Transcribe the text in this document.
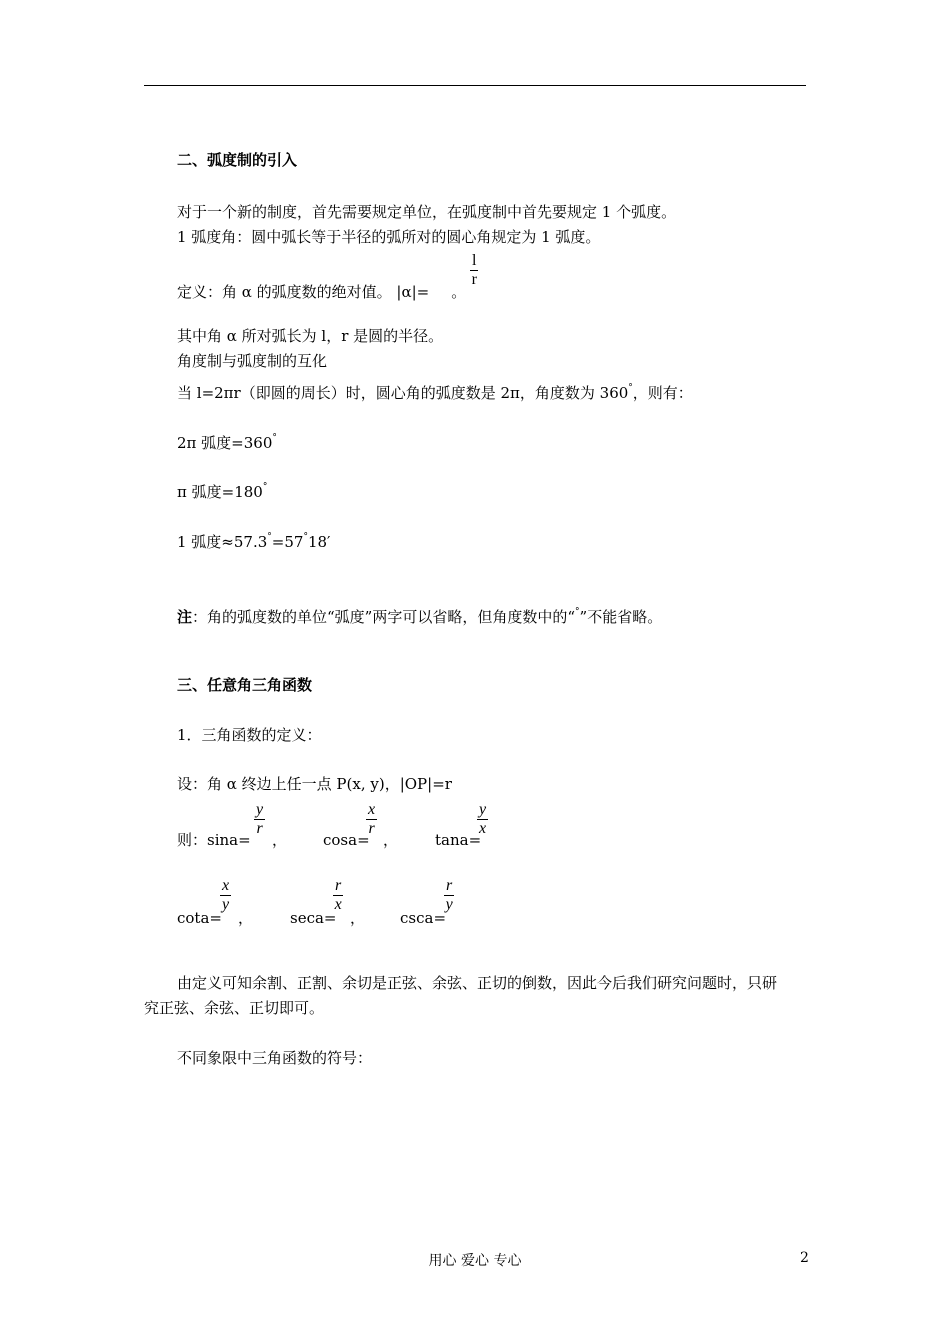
二、弧度制的引入
对于一个新的制度，首先需要规定单位，在弧度制中首先要规定 1 个弧度。
1 弧度角：圆中弧长等于半径的弧所对的圆心角规定为 1 弧度。
定义：角 α 的弧度数的绝对值。 |α|= 。
$\frac{l}{r}$
其中角 α 所对弧长为 l，r 是圆的半径。
角度制与弧度制的互化
当 l=2πr（即圆的周长）时，圆心角的弧度数是 2π，角度数为 360°，则有：
2π 弧度=360°
π 弧度=180°
1 弧度≈57.3°=57°18′
注：角的弧度数的单位“弧度”两字可以省略，但角度数中的“°”不能省略。
三、任意角三角函数
1．三角函数的定义：
设：角 α 终边上任一点 P(x, y)，|OP|=r
则：sina=
$\frac{y}{r}$
， cosa=
$\frac{x}{r}$
， tana=
$\frac{y}{x}$
cota=
$\frac{x}{y}$
， seca=
$\frac{r}{x}$
， csca=
$\frac{r}{y}$
由定义可知余割、正割、余切是正弦、余弦、正切的倒数，因此今后我们研究问题时，只研
究正弦、余弦、正切即可。
不同象限中三角函数的符号：
用心 爱心 专心	2
